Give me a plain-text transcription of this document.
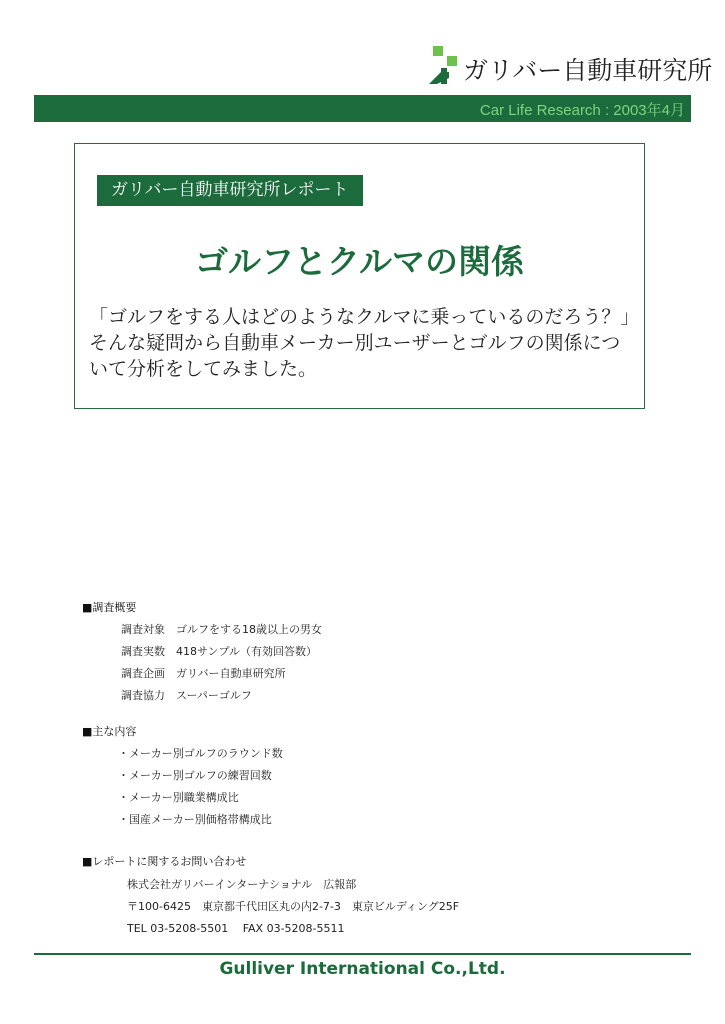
ガリバー自動車研究所
Car Life Research : 2003年4月
ガリバー自動車研究所レポート
ゴルフとクルマの関係
「ゴルフをする人はどのようなクルマに乗っているのだろう？」そんな疑問から自動車メーカー別ユーザーとゴルフの関係について分析をしてみました。
■調査概要
調査対象 ゴルフをする18歳以上の男女
調査実数 418サンプル（有効回答数）
調査企画 ガリバー自動車研究所
調査協力 スーパーゴルフ
■主な内容
・メーカー別ゴルフのラウンド数
・メーカー別ゴルフの練習回数
・メーカー別職業構成比
・国産メーカー別価格帯構成比
■レポートに関するお問い合わせ
株式会社ガリバーインターナショナル　広報部
〒100-6425　東京都千代田区丸の内2-7-3　東京ビルディング25F
TEL 03-5208-5501　 FAX 03-5208-5511
Gulliver International Co.,Ltd.
